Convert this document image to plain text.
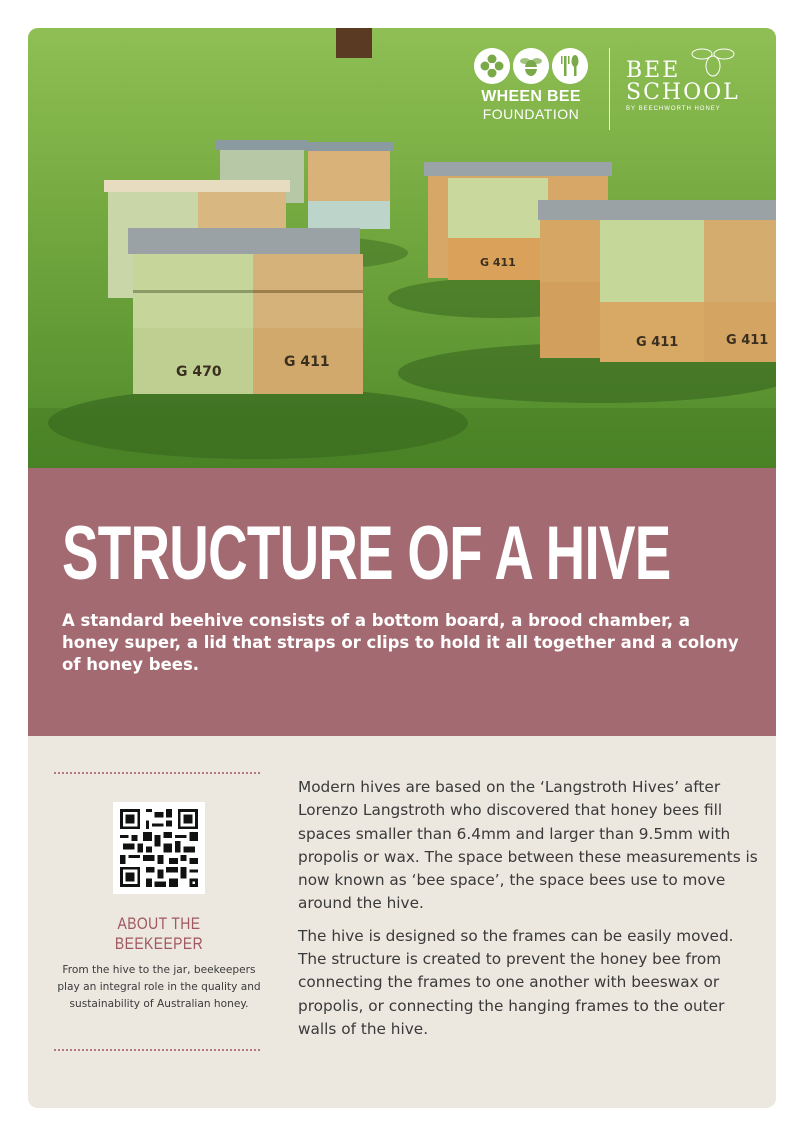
G 470
G 411
G 411	G 411
G 411
WHEEN BEE
FOUNDATION
BEE
SCHOOL
BY BEECHWORTH HONEY
STRUCTURE OF A HIVE

A standard beehive consists of a bottom board, a brood chamber, a honey super, a lid that straps or clips to hold it all together and a colony of honey bees.

ABOUT THE BEEKEEPER

From the hive to the jar, beekeepers play an integral role in the quality and sustainability of Australian honey.

Modern hives are based on the ‘Langstroth Hives’ after Lorenzo Langstroth who discovered that honey bees fill spaces smaller than 6.4mm and larger than 9.5mm with propolis or wax. The space between these measurements is now known as ‘bee space’, the space bees use to move around the hive.

The hive is designed so the frames can be easily moved. The structure is created to prevent the honey bee from connecting the frames to one another with beeswax or propolis, or connecting the hanging frames to the outer walls of the hive.
